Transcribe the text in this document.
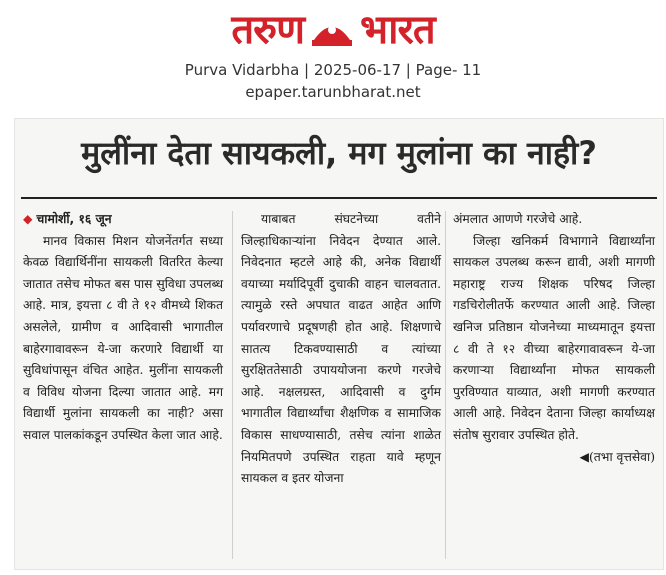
तरुण भारत
Purva Vidarbha | 2025-06-17 | Page- 11
epaper.tarunbharat.net
मुलींना देता सायकली, मग मुलांना का नाही?

◆ चामोर्शी, १६ जून

मानव विकास मिशन योजनेंतर्गत सध्या केवळ विद्यार्थिनींना सायकली वितरित केल्या जातात तसेच मोफत बस पास सुविधा उपलब्ध आहे. मात्र, इयत्ता ८ वी ते १२ वीमध्ये शिकत असलेले, ग्रामीण व आदिवासी भागातील बाहेरगावावरून ये-जा करणारे विद्यार्थी या सुविधांपासून वंचित आहेत. मुलींना सायकली व विविध योजना दिल्या जातात आहे. मग विद्यार्थी मुलांना सायकली का नाही? असा सवाल पालकांकडून उपस्थित केला जात आहे.

याबाबत संघटनेच्या वतीने जिल्हाधिकाऱ्यांना निवेदन देण्यात आले. निवेदनात म्हटले आहे की, अनेक विद्यार्थी वयाच्या मर्यादिपूर्वी दुचाकी वाहन चालवतात. त्यामुळे रस्ते अपघात वाढत आहेत आणि पर्यावरणाचे प्रदूषणही होत आहे. शिक्षणाचे सातत्य टिकवण्यासाठी व त्यांच्या सुरक्षिततेसाठी उपाययोजना करणे गरजेचे आहे. नक्षलग्रस्त, आदिवासी व दुर्गम भागातील विद्यार्थ्यांचा शैक्षणिक व सामाजिक विकास साधण्यासाठी, तसेच त्यांना शाळेत नियमितपणे उपस्थित राहता यावे म्हणून सायकल व इतर योजना

अंमलात आणणे गरजेचे आहे.

जिल्हा खनिकर्म विभागाने विद्यार्थ्यांना सायकल उपलब्ध करून द्यावी, अशी मागणी महाराष्ट्र राज्य शिक्षक परिषद जिल्हा गडचिरोलीतर्फे करण्यात आली आहे. जिल्हा खनिज प्रतिष्ठान योजनेच्या माध्यमातून इयत्ता ८ वी ते १२ वीच्या बाहेरगावावरून ये-जा करणाऱ्या विद्यार्थ्यांना मोफत सायकली पुरविण्यात याव्यात, अशी मागणी करण्यात आली आहे. निवेदन देताना जिल्हा कार्याध्यक्ष संतोष सुरावार उपस्थित होते.

◀(तभा वृत्तसेवा)
